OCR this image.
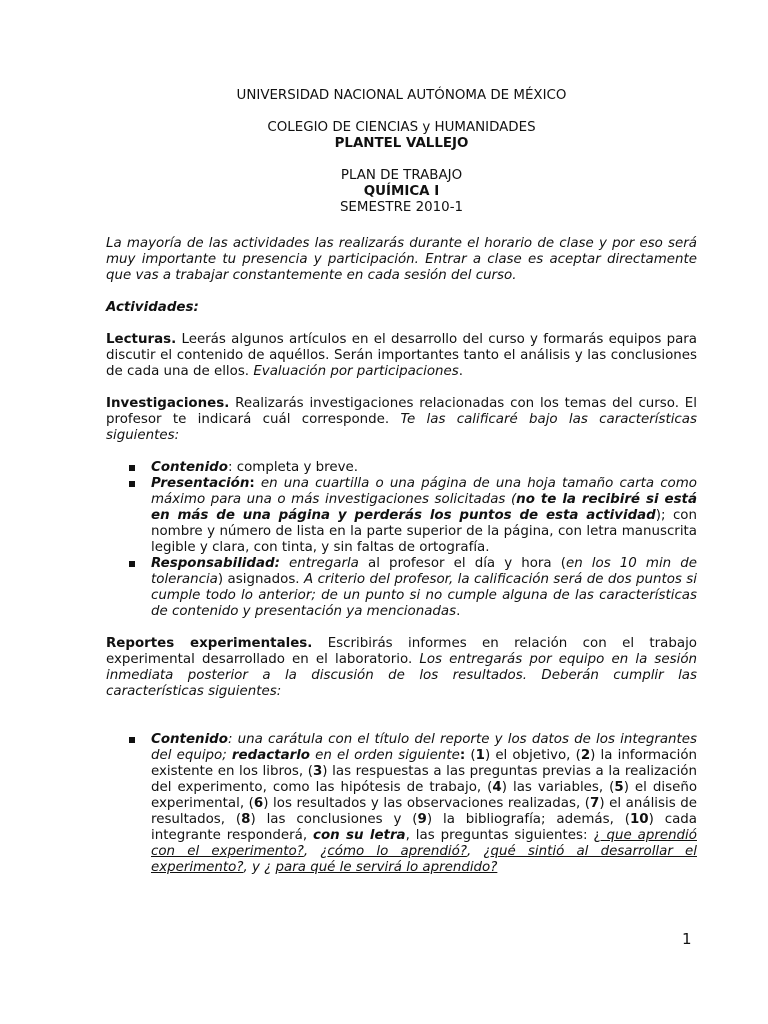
UNIVERSIDAD NACIONAL AUTÓNOMA DE MÉXICO
COLEGIO DE CIENCIAS y HUMANIDADES
PLANTEL VALLEJO
PLAN DE TRABAJO
QUÍMICA I
SEMESTRE 2010-1

La mayoría de las actividades las realizarás durante el horario de clase y por eso será muy importante tu presencia y participación. Entrar a clase es aceptar directamente que vas a trabajar constantemente en cada sesión del curso.

Actividades:

Lecturas. Leerás algunos artículos en el desarrollo del curso y formarás equipos para discutir el contenido de aquéllos. Serán importantes tanto el análisis y las conclusiones de cada una de ellos. Evaluación por participaciones.

Investigaciones. Realizarás investigaciones relacionadas con los temas del curso. El profesor te indicará cuál corresponde. Te las calificaré bajo las características siguientes:

Contenido: completa y breve.
Presentación: en una cuartilla o una página de una hoja tamaño carta como máximo para una o más investigaciones solicitadas (no te la recibiré si está en más de una página y perderás los puntos de esta actividad); con nombre y número de lista en la parte superior de la página, con letra manuscrita legible y clara, con tinta, y sin faltas de ortografía.
Responsabilidad: entregarla al profesor el día y hora (en los 10 min de tolerancia) asignados. A criterio del profesor, la calificación será de dos puntos si cumple todo lo anterior; de un punto si no cumple alguna de las características de contenido y presentación ya mencionadas.

Reportes experimentales. Escribirás informes en relación con el trabajo experimental desarrollado en el laboratorio. Los entregarás por equipo en la sesión inmediata posterior a la discusión de los resultados. Deberán cumplir las características siguientes:

Contenido: una carátula con el título del reporte y los datos de los integrantes del equipo; redactarlo en el orden siguiente: (1) el objetivo, (2) la información existente en los libros, (3) las respuestas a las preguntas previas a la realización del experimento, como las hipótesis de trabajo, (4) las variables, (5) el diseño experimental, (6) los resultados y las observaciones realizadas, (7) el análisis de resultados, (8) las conclusiones y (9) la bibliografía; además, (10) cada integrante responderá, con su letra, las preguntas siguientes: ¿ que aprendió con el experimento?, ¿cómo lo aprendió?, ¿qué sintió al desarrollar el experimento?, y ¿ para qué le servirá lo aprendido?
1
